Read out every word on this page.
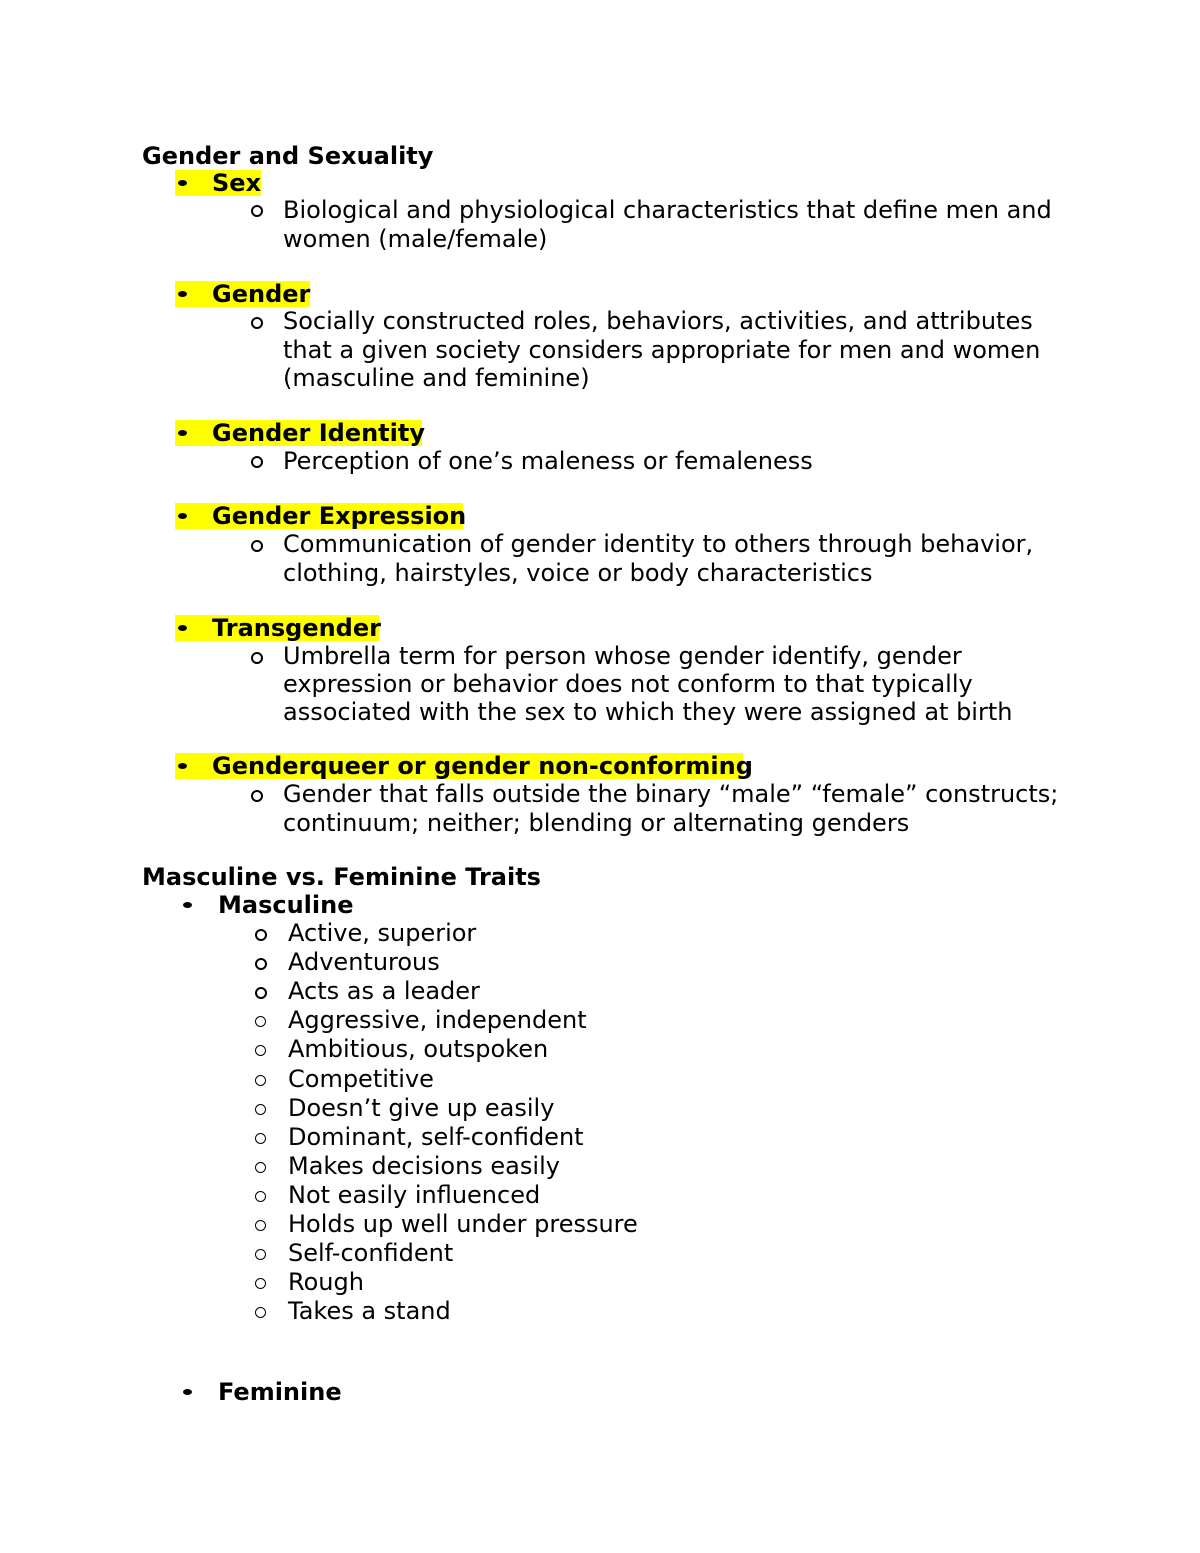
Gender and Sexuality
Sex
Biological and physiological characteristics that define men and
women (male/female)
Gender
Socially constructed roles, behaviors, activities, and attributes
that a given society considers appropriate for men and women
(masculine and feminine)
Gender Identity
Perception of one’s maleness or femaleness
Gender Expression
Communication of gender identity to others through behavior,
clothing, hairstyles, voice or body characteristics
Transgender
Umbrella term for person whose gender identify, gender
expression or behavior does not conform to that typically
associated with the sex to which they were assigned at birth
Genderqueer or gender non-conforming
Gender that falls outside the binary “male” “female” constructs;
continuum; neither; blending or alternating genders
Masculine vs. Feminine Traits
Masculine
Active, superior
Adventurous
Acts as a leader
Aggressive, independent
Ambitious, outspoken
Competitive
Doesn’t give up easily
Dominant, self-confident
Makes decisions easily
Not easily influenced
Holds up well under pressure
Self-confident
Rough
Takes a stand
Feminine
